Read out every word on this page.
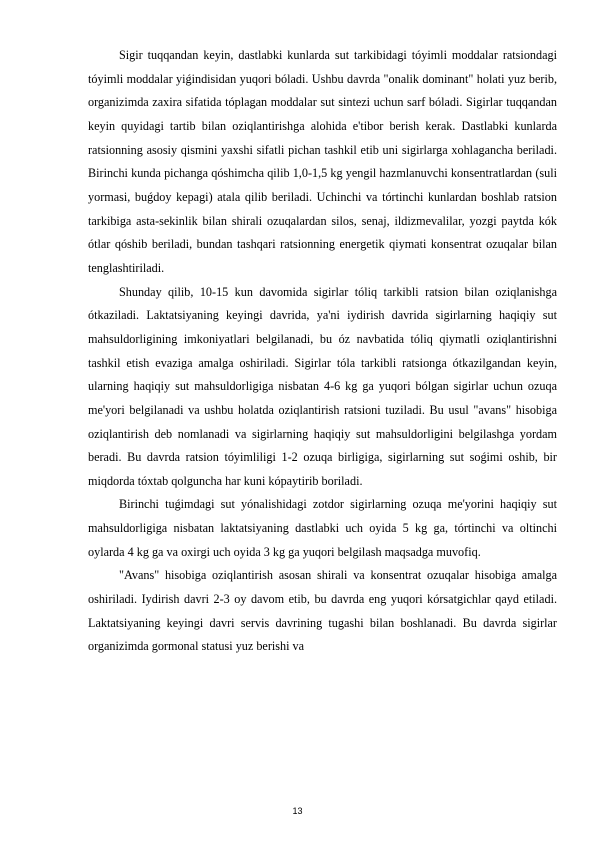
Sigir tuqqandan keyin, dastlabki kunlarda sut tarkibidagi tóyimli moddalar ratsiondagi tóyimli moddalar yiǵindisidan yuqori bóladi. Ushbu davrda "onalik dominant" holati yuz berib, organizimda zaxira sifatida tóplagan moddalar sut sintezi uchun sarf bóladi. Sigirlar tuqqandan keyin quyidagi tartib bilan oziqlantirishga alohida e'tibor berish kerak. Dastlabki kunlarda ratsionning asosiy qismini yaxshi sifatli pichan tashkil etib uni sigirlarga xohlagancha beriladi. Birinchi kunda pichanga qóshimcha qilib 1,0-1,5 kg yengil hazmlanuvchi konsentratlardan (suli yormasi, buǵdoy kepagi) atala qilib beriladi. Uchinchi va tórtinchi kunlardan boshlab ratsion tarkibiga asta-sekinlik bilan shirali ozuqalardan silos, senaj, ildizmevalilar, yozgi paytda kók ótlar qóshib beriladi, bundan tashqari ratsionning energetik qiymati konsentrat ozuqalar bilan tenglashtiriladi.

Shunday qilib, 10-15 kun davomida sigirlar tóliq tarkibli ratsion bilan oziqlanishga ótkaziladi. Laktatsiyaning keyingi davrida, ya'ni iydirish davrida sigirlarning haqiqiy sut mahsuldorligining imkoniyatlari belgilanadi, bu óz navbatida tóliq qiymatli oziqlantirishni tashkil etish evaziga amalga oshiriladi. Sigirlar tóla tarkibli ratsionga ótkazilgandan keyin, ularning haqiqiy sut mahsuldorligiga nisbatan 4-6 kg ga yuqori bólgan sigirlar uchun ozuqa me'yori belgilanadi va ushbu holatda oziqlantirish ratsioni tuziladi. Bu usul "avans" hisobiga oziqlantirish deb nomlanadi va sigirlarning haqiqiy sut mahsuldorligini belgilashga yordam beradi. Bu davrda ratsion tóyimliligi 1-2 ozuqa birligiga, sigirlarning sut soǵimi oshib, bir miqdorda tóxtab qolguncha har kuni kópaytirib boriladi.

Birinchi tuǵimdagi sut yónalishidagi zotdor sigirlarning ozuqa me'yorini haqiqiy sut mahsuldorligiga nisbatan laktatsiyaning dastlabki uch oyida 5 kg ga, tórtinchi va oltinchi oylarda 4 kg ga va oxirgi uch oyida 3 kg ga yuqori belgilash maqsadga muvofiq.

"Avans" hisobiga oziqlantirish asosan shirali va konsentrat ozuqalar hisobiga amalga oshiriladi. Iydirish davri 2-3 oy davom etib, bu davrda eng yuqori kórsatgichlar qayd etiladi. Laktatsiyaning keyingi davri servis davrining tugashi bilan boshlanadi. Bu davrda sigirlar organizimda gormonal statusi yuz berishi va

13
